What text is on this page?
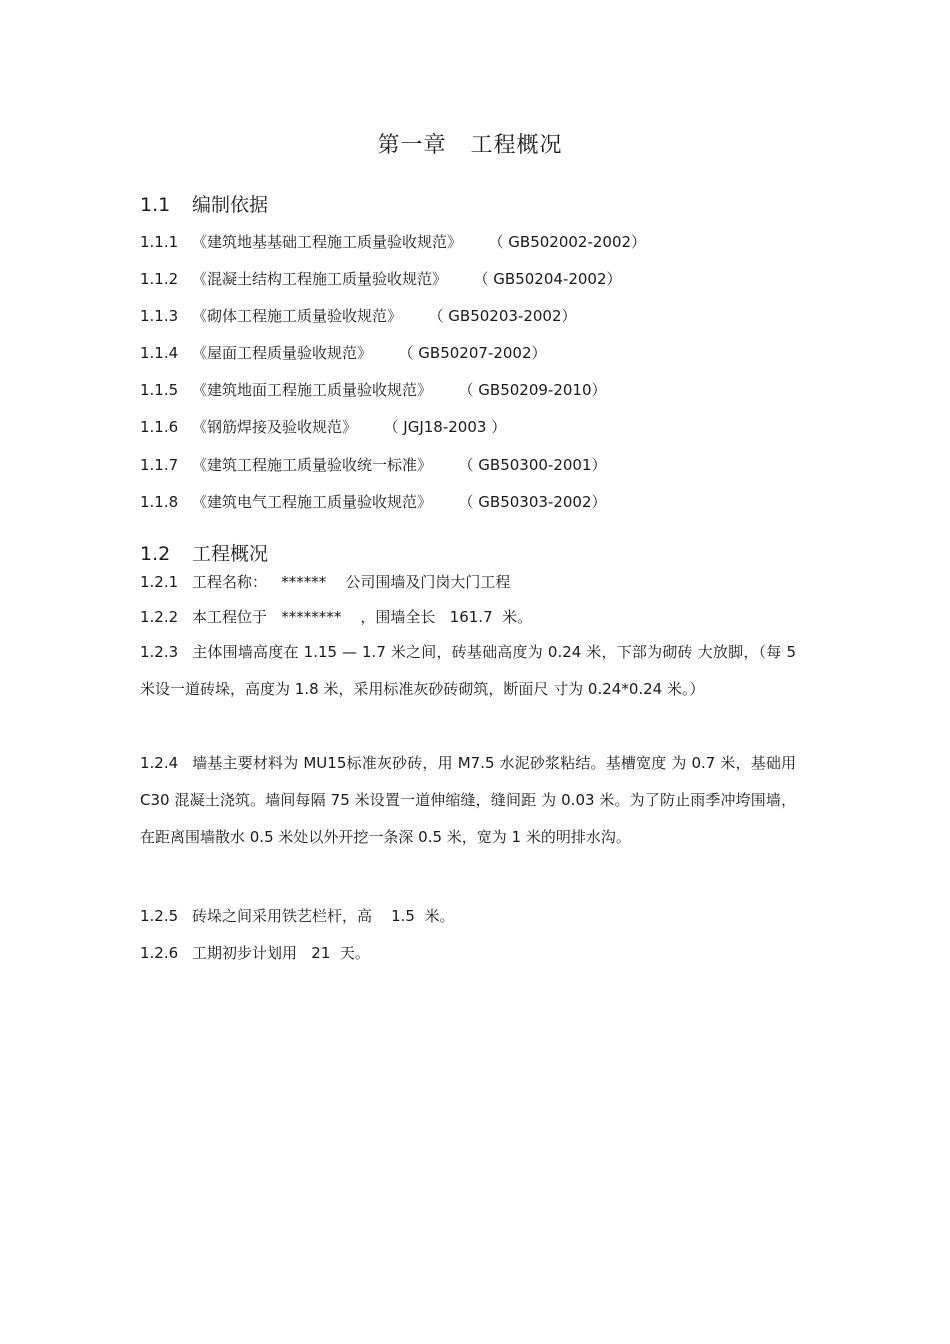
第一章   工程概况
1.1 编制依据
1.1.1 《建筑地基基础工程施工质量验收规范》 （ GB502002-2002）
1.1.2 《混凝土结构工程施工质量验收规范》 （ GB50204-2002）
1.1.3 《砌体工程施工质量验收规范》 （ GB50203-2002）
1.1.4 《屋面工程质量验收规范》 （ GB50207-2002）
1.1.5 《建筑地面工程施工质量验收规范》 （ GB50209-2010）
1.1.6 《钢筋焊接及验收规范》 （ JGJ18-2003 ）
1.1.7 《建筑工程施工质量验收统一标准》 （ GB50300-2001）
1.1.8 《建筑电气工程施工质量验收规范》 （ GB50303-2002）
1.2 工程概况
1.2.1 工程名称：   ******    公司围墙及门岗大门工程
1.2.2 本工程位于   ********    ，围墙全长   161.7  米。
1.2.3 主体围墙高度在 1.15 — 1.7 米之间，砖基础高度为 0.24 米，下部为砌砖 大放脚，（每 5 米设一道砖垛，高度为 1.8 米，采用标准灰砂砖砌筑，断面尺 寸为 0.24*0.24 米。）
1.2.4 墙基主要材料为 MU15标准灰砂砖，用 M7.5 水泥砂浆粘结。基槽宽度 为 0.7 米，基础用 C30 混凝土浇筑。墙间每隔 75 米设置一道伸缩缝，缝间距 为 0.03 米。为了防止雨季冲垮围墙， 在距离围墙散水 0.5 米处以外开挖一条深 0.5 米，宽为 1 米的明排水沟。
1.2.5 砖垛之间采用铁艺栏杆，高    1.5  米。
1.2.6 工期初步计划用   21  天。
